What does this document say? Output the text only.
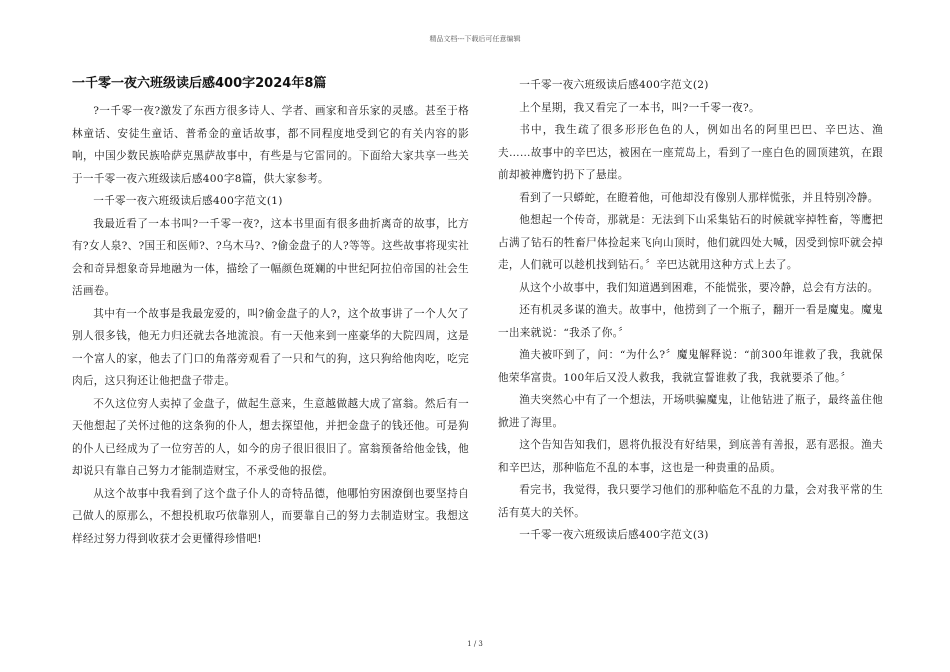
精品文档---下载后可任意编辑
一千零一夜六班级读后感400字2024年8篇

?一千零一夜?激发了东西方很多诗人、学者、画家和音乐家的灵感。甚至于格林童话、安徒生童话、普希金的童话故事，都不同程度地受到它的有关内容的影响，中国少数民族哈萨克黑萨故事中，有些是与它雷同的。下面给大家共享一些关于一千零一夜六班级读后感400字8篇，供大家参考。

一千零一夜六班级读后感400字范文(1)

我最近看了一本书叫?一千零一夜?，这本书里面有很多曲折离奇的故事，比方有?女人泉?、?国王和医师?、?乌木马?、?偷金盘子的人?等等。这些故事将现实社会和奇异想象奇异地融为一体，描绘了一幅颜色斑斓的中世纪阿拉伯帝国的社会生活画卷。

其中有一个故事是我最宠爱的，叫?偷金盘子的人?，这个故事讲了一个人欠了别人很多钱，他无力归还就去各地流浪。有一天他来到一座豪华的大院四周，这是一个富人的家，他去了门口的角落旁观看了一只和气的狗，这只狗给他肉吃，吃完肉后，这只狗还让他把盘子带走。

不久这位穷人卖掉了金盘子，做起生意来，生意越做越大成了富翁。然后有一天他想起了关怀过他的这条狗的仆人，想去探望他，并把金盘子的钱还他。可是狗的仆人已经成为了一位穷苦的人，如今的房子很旧很旧了。富翁预备给他金钱，他却说只有靠自己努力才能制造财宝，不承受他的报偿。

从这个故事中我看到了这个盘子仆人的奇特品德，他哪怕穷困潦倒也要坚持自己做人的原那么，不想投机取巧依靠别人，而要靠自己的努力去制造财宝。我想这样经过努力得到收获才会更懂得珍惜吧!

一千零一夜六班级读后感400字范文(2)

上个星期，我又看完了一本书，叫?一千零一夜?。

书中，我生疏了很多形形色色的人，例如出名的阿里巴巴、辛巴达、渔夫……故事中的辛巴达，被困在一座荒岛上，看到了一座白色的圆顶建筑，在跟前却被神鹰钓扔下了悬崖。

看到了一只蟒蛇，在瞪着他，可他却没有像别人那样慌张，并且特别冷静。

他想起一个传奇，那就是：无法到下山采集钻石的时候就宰掉牲畜，等鹰把占满了钻石的牲畜尸体捡起来飞向山顶时，他们就四处大喊，因受到惊吓就会掉走，人们就可以趁机找到钻石。〞辛巴达就用这种方式上去了。

从这个小故事中，我们知道遇到困难，不能慌张，要冷静，总会有方法的。

还有机灵多谋的渔夫。故事中，他捞到了一个瓶子，翻开一看是魔鬼。魔鬼一出来就说：“我杀了你。〞

渔夫被吓到了，问：“为什么?〞魔鬼解释说：“前300年谁救了我，我就保他荣华富贵。100年后又没人救我，我就宣誓谁救了我，我就要杀了他。〞

渔夫突然心中有了一个想法，开场哄骗魔鬼，让他钻进了瓶子，最终盖住他掀进了海里。

这个告知告知我们，恩将仇报没有好结果，到底善有善报，恶有恶报。渔夫和辛巴达，那种临危不乱的本事，这也是一种贵重的品质。

看完书，我觉得，我只要学习他们的那种临危不乱的力量，会对我平常的生活有莫大的关怀。

一千零一夜六班级读后感400字范文(3)

1 / 3
